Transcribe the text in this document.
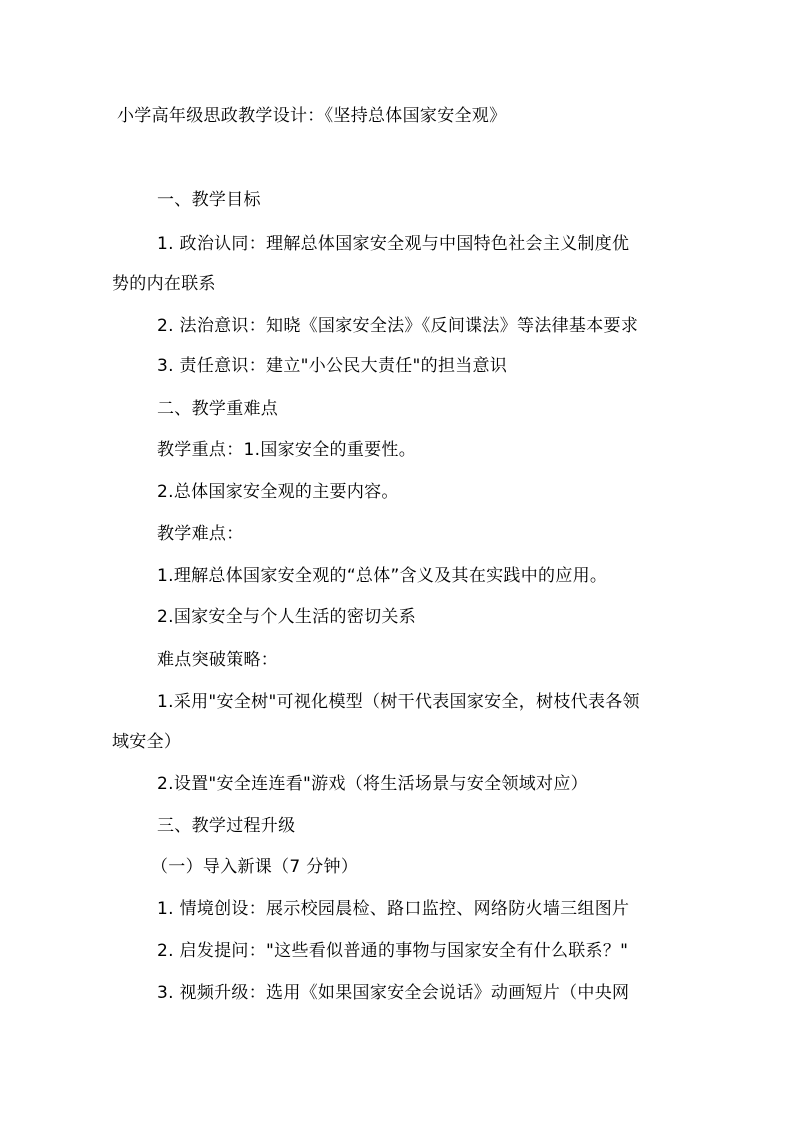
小学高年级思政教学设计：《坚持总体国家安全观》

一、教学目标

1. 政治认同：理解总体国家安全观与中国特色社会主义制度优

势的内在联系

2. 法治意识：知晓《国家安全法》《反间谍法》等法律基本要求

3. 责任意识：建立"小公民大责任"的担当意识

二、教学重难点

教学重点：1.国家安全的重要性。

2.总体国家安全观的主要内容。

教学难点：

1.理解总体国家安全观的“总体”含义及其在实践中的应用。

2.国家安全与个人生活的密切关系

难点突破策略：

1.采用"安全树"可视化模型（树干代表国家安全，树枝代表各领

域安全）

2.设置"安全连连看"游戏（将生活场景与安全领域对应）

三、教学过程升级

（一）导入新课（7 分钟）

1. 情境创设：展示校园晨检、路口监控、网络防火墙三组图片

2. 启发提问："这些看似普通的事物与国家安全有什么联系？"

3. 视频升级：选用《如果国家安全会说话》动画短片（中央网
